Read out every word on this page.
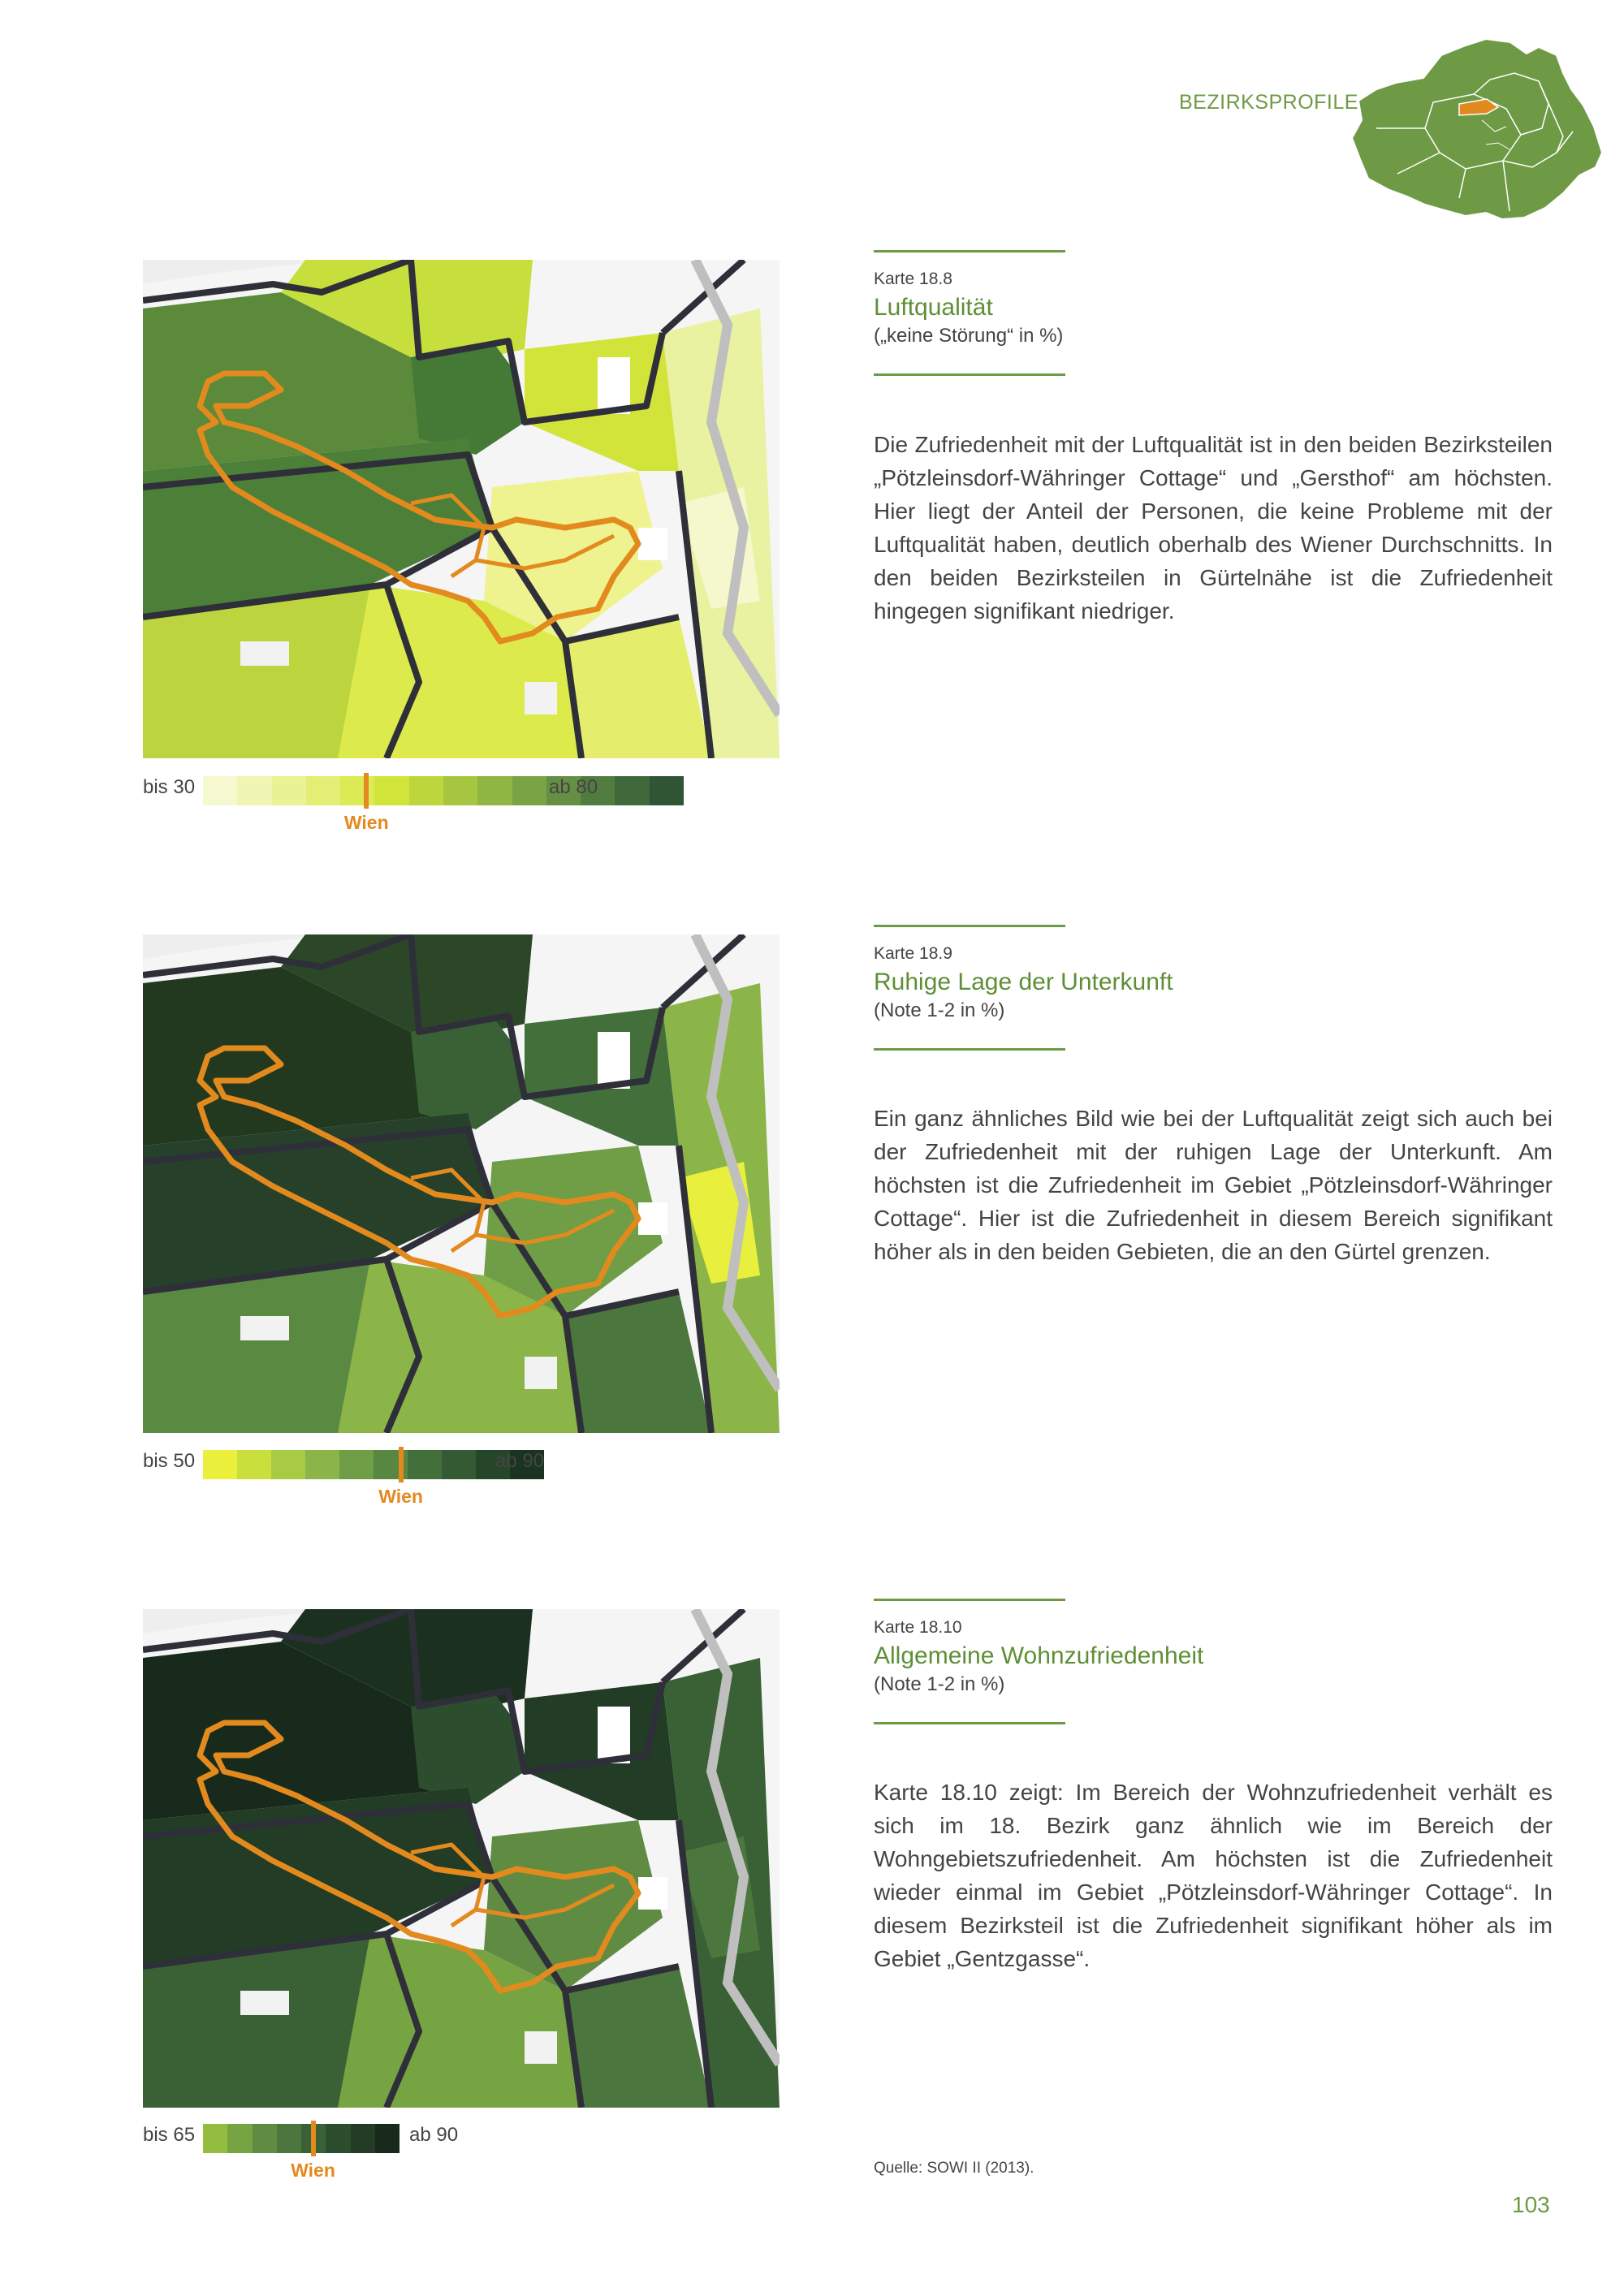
BEZIRKSPROFILE
bis 30	ab 80
Wien
Karte 18.8
Luftqualität
(„keine Störung“ in %)
Die Zufriedenheit mit der Luftqualität ist in den beiden Bezirksteilen „Pötzleinsdorf-Währinger Cottage“ und „Gersthof“ am höchsten. Hier liegt der Anteil der Personen, die keine Probleme mit der Luftqualität haben, deutlich oberhalb des Wiener Durchschnitts. In den beiden Bezirksteilen in Gürtelnähe ist die Zufriedenheit hingegen signifikant niedriger.
bis 50	ab 90
Wien
Karte 18.9
Ruhige Lage der Unterkunft
(Note 1-2 in %)
Ein ganz ähnliches Bild wie bei der Luftqualität zeigt sich auch bei der Zufriedenheit mit der ruhigen Lage der Unterkunft. Am höchsten ist die Zufriedenheit im Gebiet „Pötzleinsdorf-Währinger Cottage“. Hier ist die Zufriedenheit in diesem Bereich signifikant höher als in den beiden Gebieten, die an den Gürtel grenzen.
bis 65	ab 90
Wien
Karte 18.10
Allgemeine Wohnzufriedenheit
(Note 1-2 in %)
Karte 18.10 zeigt: Im Bereich der Wohnzufriedenheit verhält es sich im 18. Bezirk ganz ähnlich wie im Bereich der Wohngebietszufriedenheit. Am höchsten ist die Zufriedenheit wieder einmal im Gebiet „Pötzleinsdorf-Währinger Cottage“. In diesem Bezirksteil ist die Zufriedenheit signifikant höher als im Gebiet „Gentzgasse“.
Quelle: SOWI II (2013).
103
